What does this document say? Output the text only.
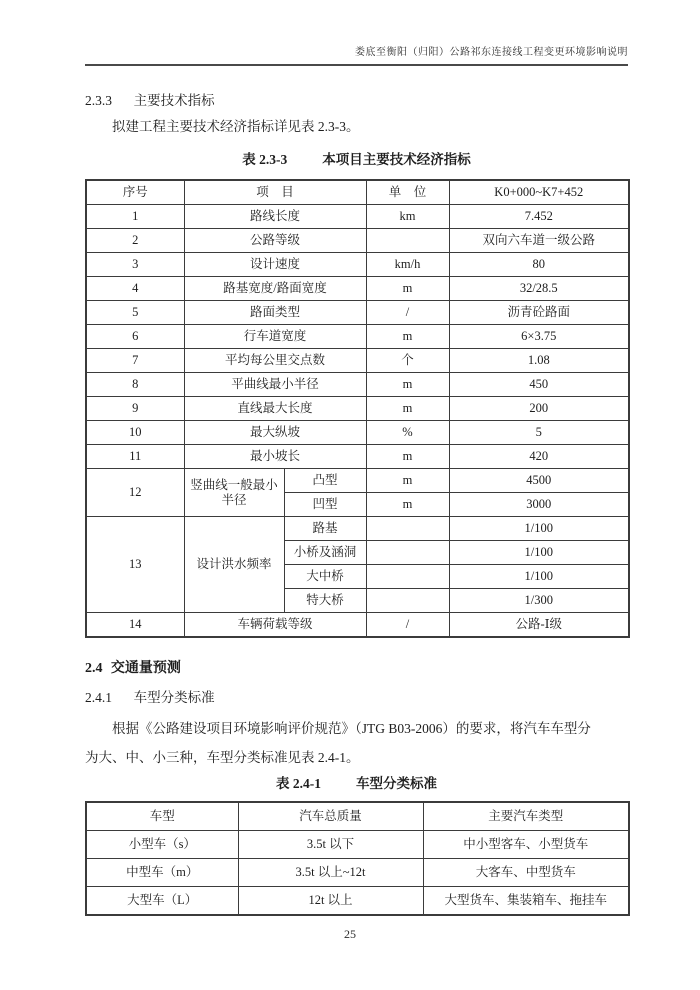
娄底至衡阳（归阳）公路祁东连接线工程变更环境影响说明
2.3.3 主要技术指标

拟建工程主要技术经济指标详见表 2.3-3。

表 2.3-3	本项目主要技术经济指标
序号	项　目		单　位	K0+000~K7+452
1	路线长度		km	7.452
2	公路等级			双向六车道一级公路
3	设计速度		km/h	80
4	路基宽度/路面宽度		m	32/28.5
5	路面类型		/	沥青砼路面
6	行车道宽度		m	6×3.75
7	平均每公里交点数		个	1.08
8	平曲线最小半径		m	450
9	直线最大长度		m	200
10	最大纵坡		%	5
11	最小坡长		m	420
12	竖曲线一般最小半径	凸型	m	4500
		凹型	m	3000
13	设计洪水频率	路基		1/100
		小桥及涵洞		1/100
		大中桥		1/100
		特大桥		1/300
14	车辆荷载等级		/	公路-Ⅰ级
2.4 交通量预测
2.4.1 车型分类标准

根据《公路建设项目环境影响评价规范》（JTG B03-2006）的要求，将汽车车型分
为大、中、小三种，车型分类标准见表 2.4-1。

表 2.4-1	车型分类标准
车型	汽车总质量	主要汽车类型
小型车（s）	3.5t 以下	中小型客车、小型货车
中型车（m）	3.5t 以上~12t	大客车、中型货车
大型车（L）	12t 以上	大型货车、集装箱车、拖挂车
25
